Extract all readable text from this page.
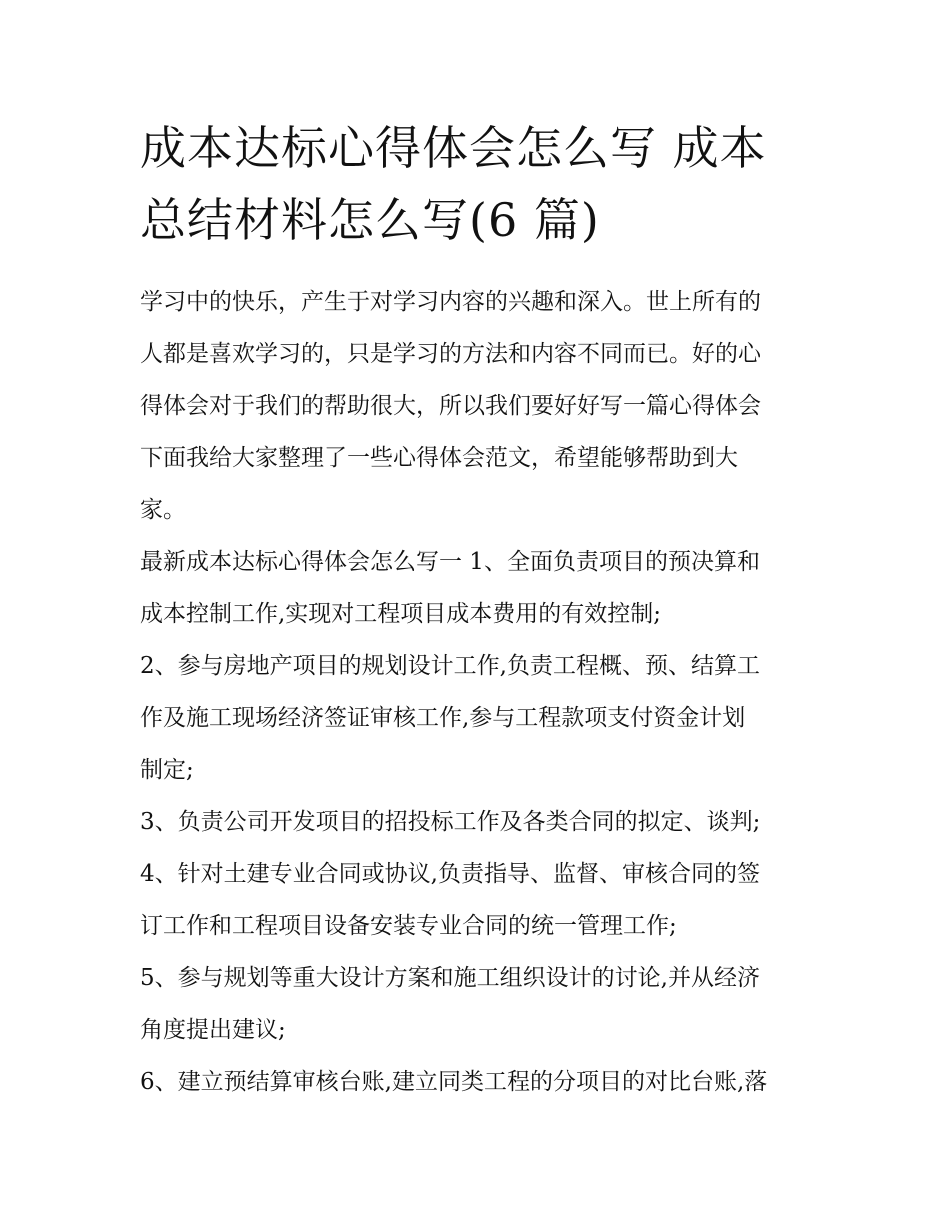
成本达标心得体会怎么写 成本
总结材料怎么写(6 篇)

学习中的快乐，产生于对学习内容的兴趣和深入。世上所有的
人都是喜欢学习的，只是学习的方法和内容不同而已。好的心
得体会对于我们的帮助很大，所以我们要好好写一篇心得体会
下面我给大家整理了一些心得体会范文，希望能够帮助到大
家。

最新成本达标心得体会怎么写一 1、全面负责项目的预决算和
成本控制工作,实现对工程项目成本费用的有效控制;

2、参与房地产项目的规划设计工作,负责工程概、预、结算工
作及施工现场经济签证审核工作,参与工程款项支付资金计划
制定;

3、负责公司开发项目的招投标工作及各类合同的拟定、谈判;

4、针对土建专业合同或协议,负责指导、监督、审核合同的签
订工作和工程项目设备安装专业合同的统一管理工作;

5、参与规划等重大设计方案和施工组织设计的讨论,并从经济
角度提出建议;

6、建立预结算审核台账,建立同类工程的分项目的对比台账,落
